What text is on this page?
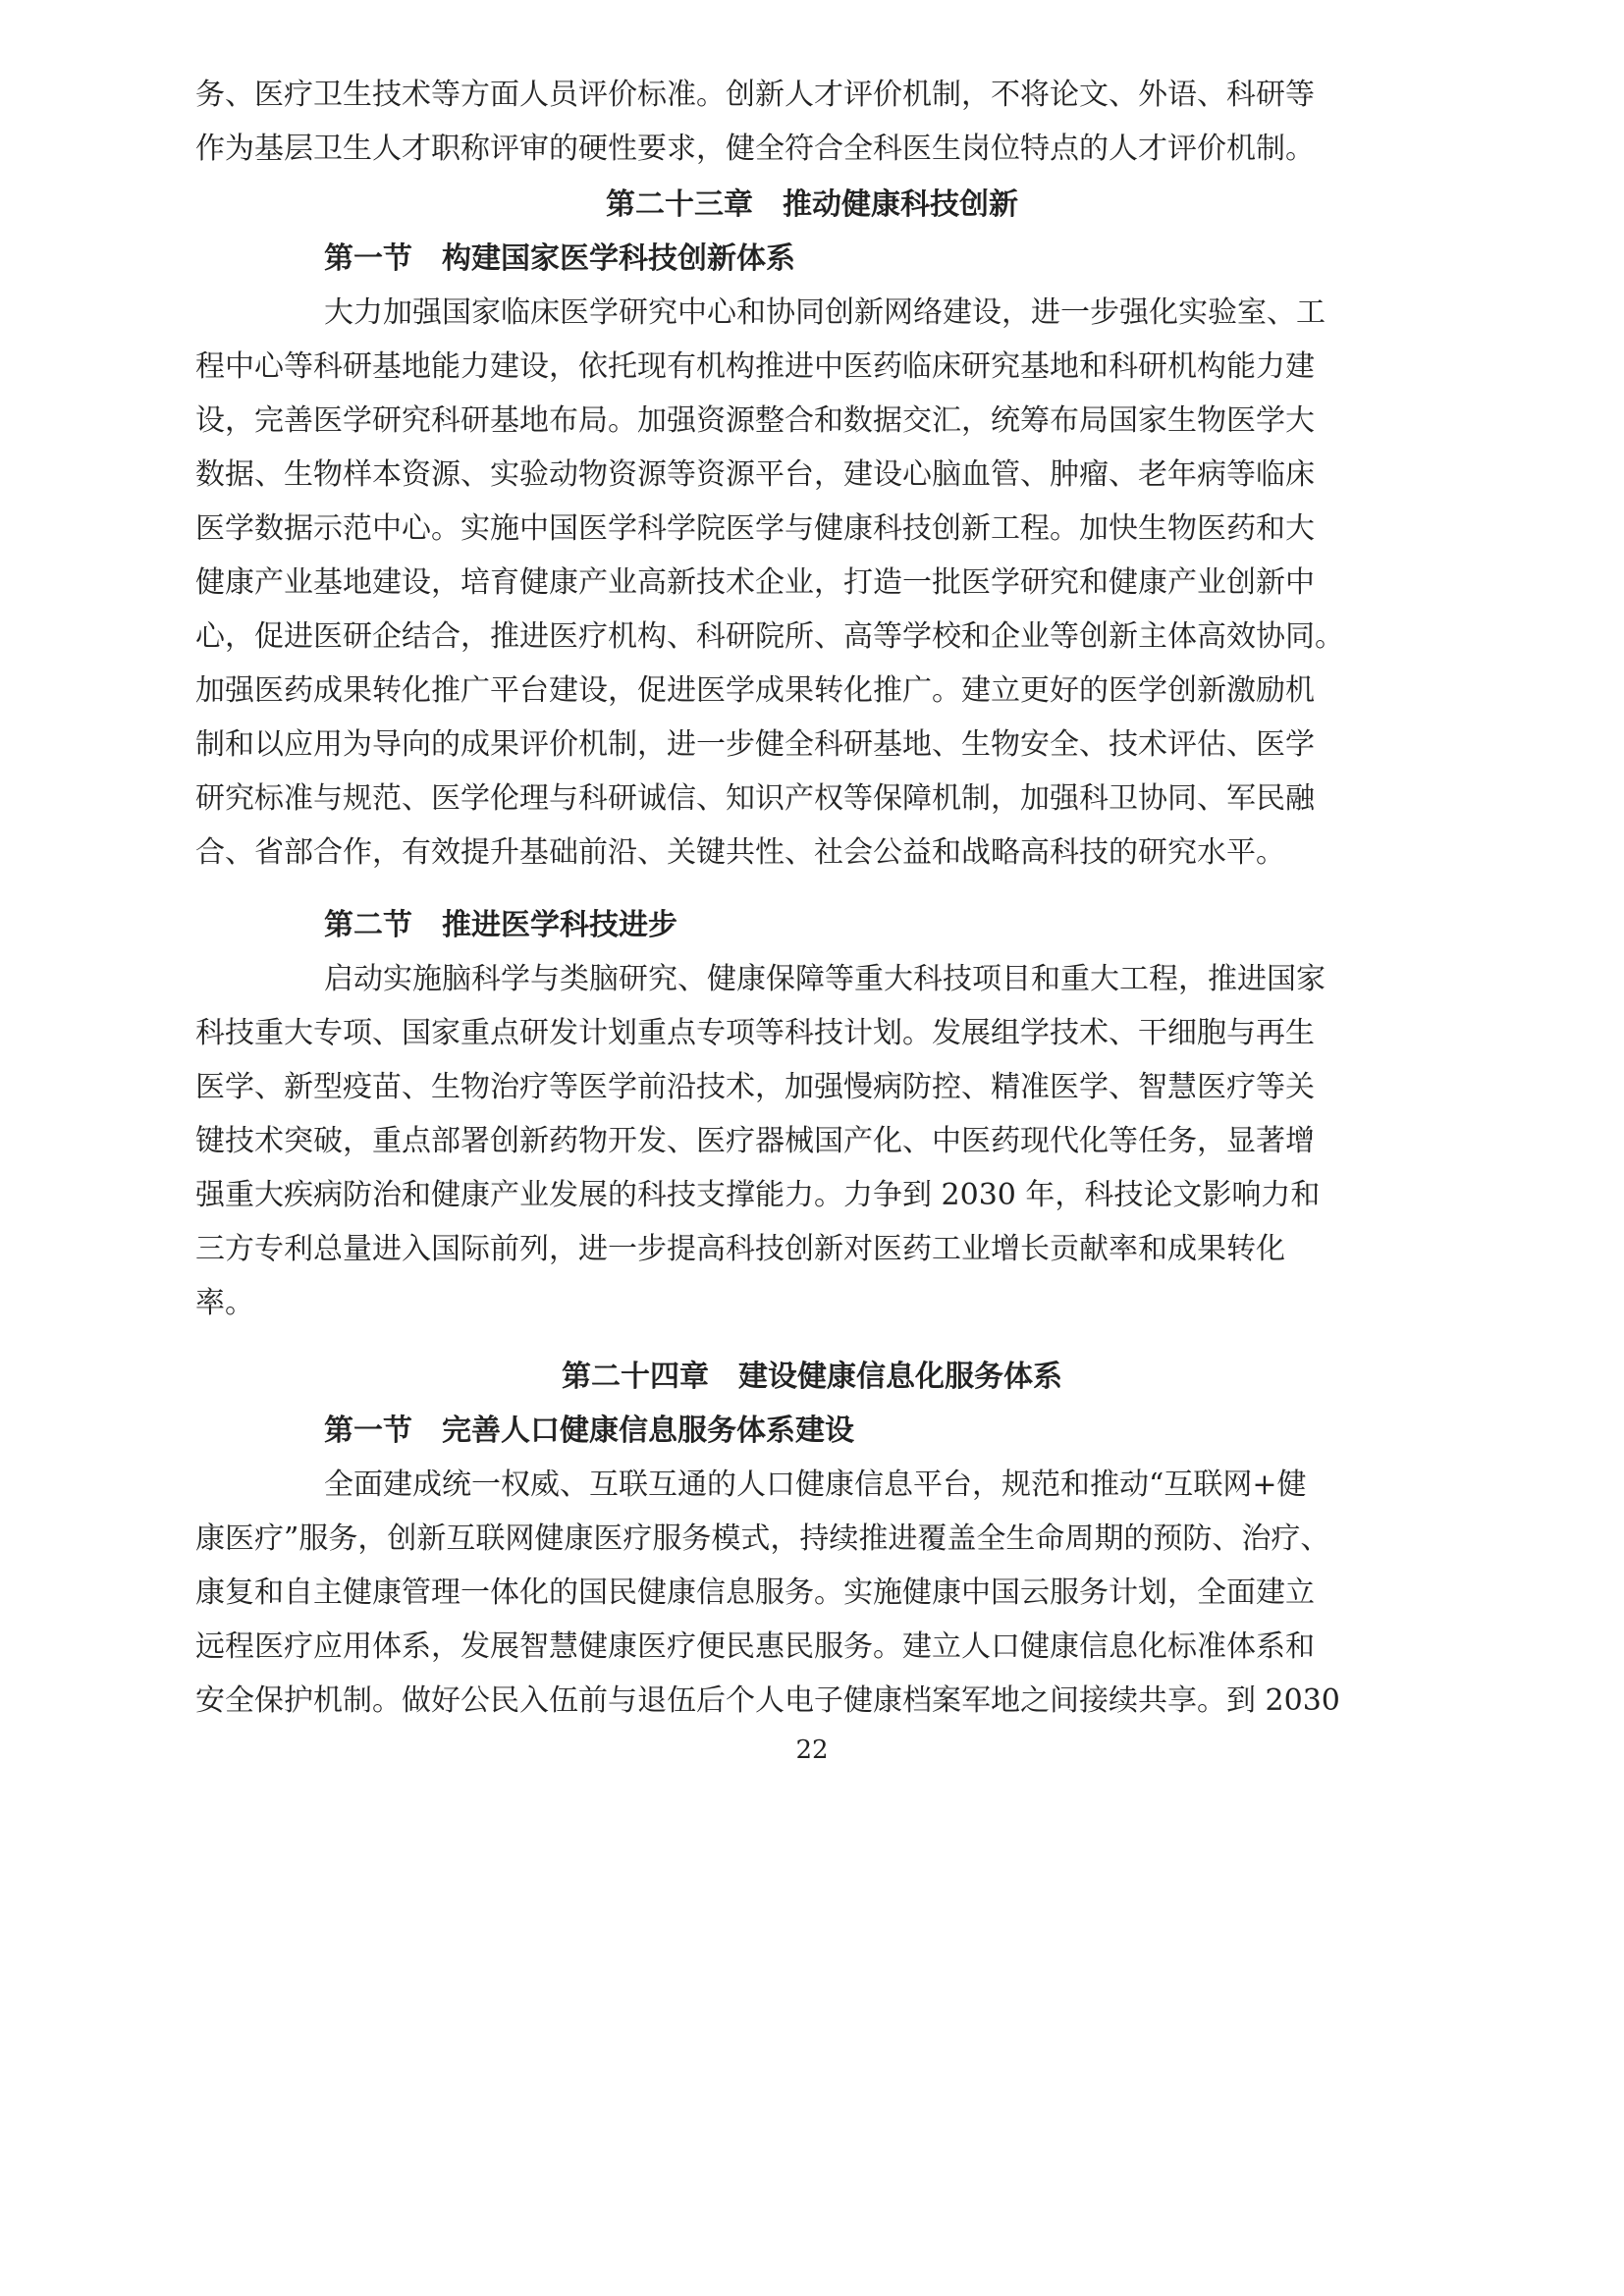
务、医疗卫生技术等方面人员评价标准。创新人才评价机制，不将论文、外语、科研等

作为基层卫生人才职称评审的硬性要求，健全符合全科医生岗位特点的人才评价机制。

第二十三章　推动健康科技创新
第一节　构建国家医学科技创新体系

大力加强国家临床医学研究中心和协同创新网络建设，进一步强化实验室、工

程中心等科研基地能力建设，依托现有机构推进中医药临床研究基地和科研机构能力建

设，完善医学研究科研基地布局。加强资源整合和数据交汇，统筹布局国家生物医学大

数据、生物样本资源、实验动物资源等资源平台，建设心脑血管、肿瘤、老年病等临床

医学数据示范中心。实施中国医学科学院医学与健康科技创新工程。加快生物医药和大

健康产业基地建设，培育健康产业高新技术企业，打造一批医学研究和健康产业创新中

心，促进医研企结合，推进医疗机构、科研院所、高等学校和企业等创新主体高效协同。

加强医药成果转化推广平台建设，促进医学成果转化推广。建立更好的医学创新激励机

制和以应用为导向的成果评价机制，进一步健全科研基地、生物安全、技术评估、医学

研究标准与规范、医学伦理与科研诚信、知识产权等保障机制，加强科卫协同、军民融

合、省部合作，有效提升基础前沿、关键共性、社会公益和战略高科技的研究水平。

第二节　推进医学科技进步

启动实施脑科学与类脑研究、健康保障等重大科技项目和重大工程，推进国家

科技重大专项、国家重点研发计划重点专项等科技计划。发展组学技术、干细胞与再生

医学、新型疫苗、生物治疗等医学前沿技术，加强慢病防控、精准医学、智慧医疗等关

键技术突破，重点部署创新药物开发、医疗器械国产化、中医药现代化等任务，显著增

强重大疾病防治和健康产业发展的科技支撑能力。力争到 2030 年，科技论文影响力和

三方专利总量进入国际前列，进一步提高科技创新对医药工业增长贡献率和成果转化

率。

第二十四章　建设健康信息化服务体系
第一节　完善人口健康信息服务体系建设

全面建成统一权威、互联互通的人口健康信息平台，规范和推动“互联网+健

康医疗”服务，创新互联网健康医疗服务模式，持续推进覆盖全生命周期的预防、治疗、

康复和自主健康管理一体化的国民健康信息服务。实施健康中国云服务计划，全面建立

远程医疗应用体系，发展智慧健康医疗便民惠民服务。建立人口健康信息化标准体系和

安全保护机制。做好公民入伍前与退伍后个人电子健康档案军地之间接续共享。到 2030

22
